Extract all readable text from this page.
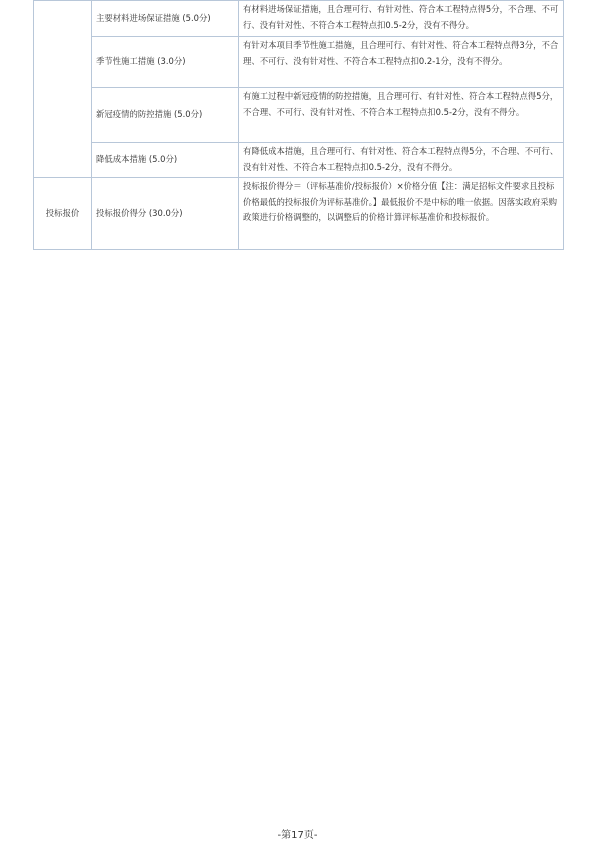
	主要材料进场保证措施 (5.0分)	有材料进场保证措施，且合理可行、有针对性、符合本工程特点得5分，不合理、不可行、没有针对性、不符合本工程特点扣0.5-2分，没有不得分。
	季节性施工措施 (3.0分)	有针对本项目季节性施工措施，且合理可行、有针对性、符合本工程特点得3分，不合理、不可行、没有针对性、不符合本工程特点扣0.2-1分，没有不得分。
	新冠疫情的防控措施 (5.0分)	有施工过程中新冠疫情的防控措施，且合理可行、有针对性、符合本工程特点得5分，不合理、不可行、没有针对性、不符合本工程特点扣0.5-2分，没有不得分。
	降低成本措施 (5.0分)	有降低成本措施，且合理可行、有针对性、符合本工程特点得5分，不合理、不可行、没有针对性、不符合本工程特点扣0.5-2分，没有不得分。
投标报价	投标报价得分 (30.0分)	投标报价得分＝（评标基准价/投标报价）×价格分值【注：满足招标文件要求且投标价格最低的投标报价为评标基准价。】最低报价不是中标的唯一依据。因落实政府采购政策进行价格调整的，以调整后的价格计算评标基准价和投标报价。
-第17页-
